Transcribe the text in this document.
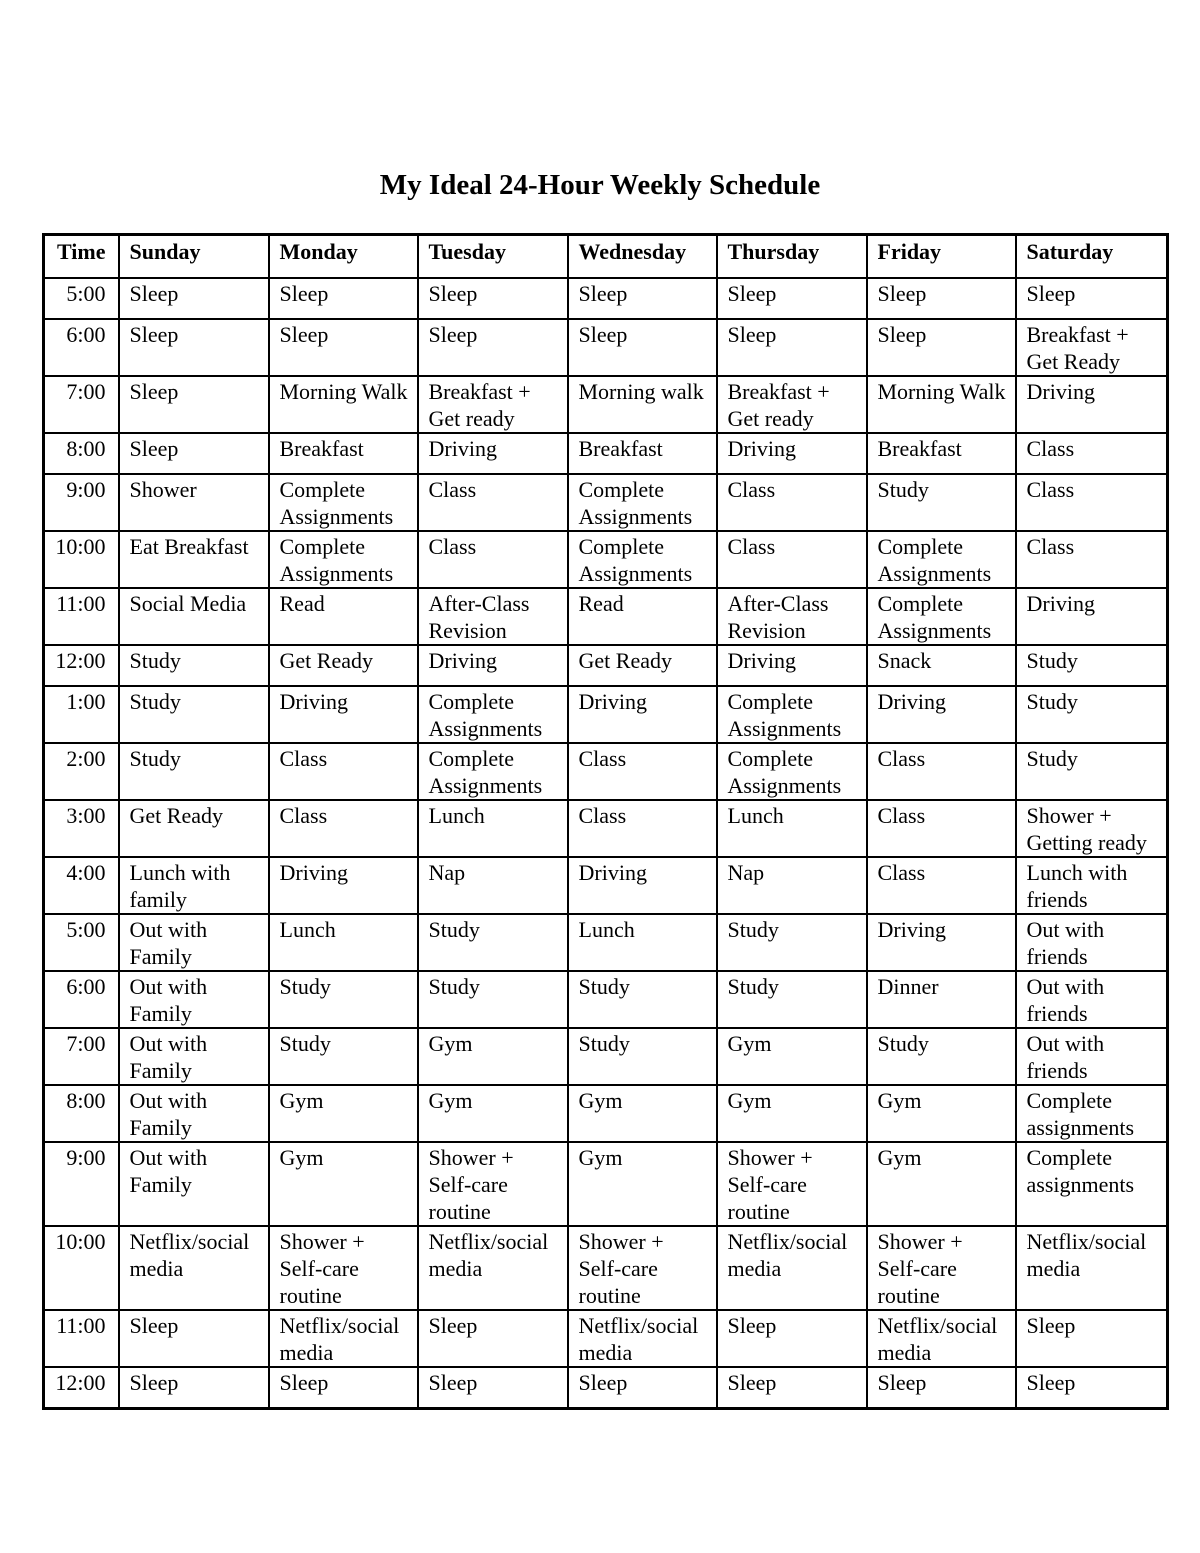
My Ideal 24-Hour Weekly Schedule
Time	Sunday	Monday	Tuesday	Wednesday	Thursday	Friday	Saturday
5:00	Sleep	Sleep	Sleep	Sleep	Sleep	Sleep	Sleep
6:00	Sleep	Sleep	Sleep	Sleep	Sleep	Sleep	Breakfast + Get Ready
7:00	Sleep	Morning Walk	Breakfast + Get ready	Morning walk	Breakfast + Get ready	Morning Walk	Driving
8:00	Sleep	Breakfast	Driving	Breakfast	Driving	Breakfast	Class
9:00	Shower	Complete Assignments	Class	Complete Assignments	Class	Study	Class
10:00	Eat Breakfast	Complete Assignments	Class	Complete Assignments	Class	Complete Assignments	Class
11:00	Social Media	Read	After-Class Revision	Read	After-Class Revision	Complete Assignments	Driving
12:00	Study	Get Ready	Driving	Get Ready	Driving	Snack	Study
1:00	Study	Driving	Complete Assignments	Driving	Complete Assignments	Driving	Study
2:00	Study	Class	Complete Assignments	Class	Complete Assignments	Class	Study
3:00	Get Ready	Class	Lunch	Class	Lunch	Class	Shower + Getting ready
4:00	Lunch with family	Driving	Nap	Driving	Nap	Class	Lunch with friends
5:00	Out with Family	Lunch	Study	Lunch	Study	Driving	Out with friends
6:00	Out with Family	Study	Study	Study	Study	Dinner	Out with friends
7:00	Out with Family	Study	Gym	Study	Gym	Study	Out with friends
8:00	Out with Family	Gym	Gym	Gym	Gym	Gym	Complete assignments
9:00	Out with Family	Gym	Shower + Self-care routine	Gym	Shower + Self-care routine	Gym	Complete assignments
10:00	Netflix/social media	Shower + Self-care routine	Netflix/social media	Shower + Self-care routine	Netflix/social media	Shower + Self-care routine	Netflix/social media
11:00	Sleep	Netflix/social media	Sleep	Netflix/social media	Sleep	Netflix/social media	Sleep
12:00	Sleep	Sleep	Sleep	Sleep	Sleep	Sleep	Sleep
